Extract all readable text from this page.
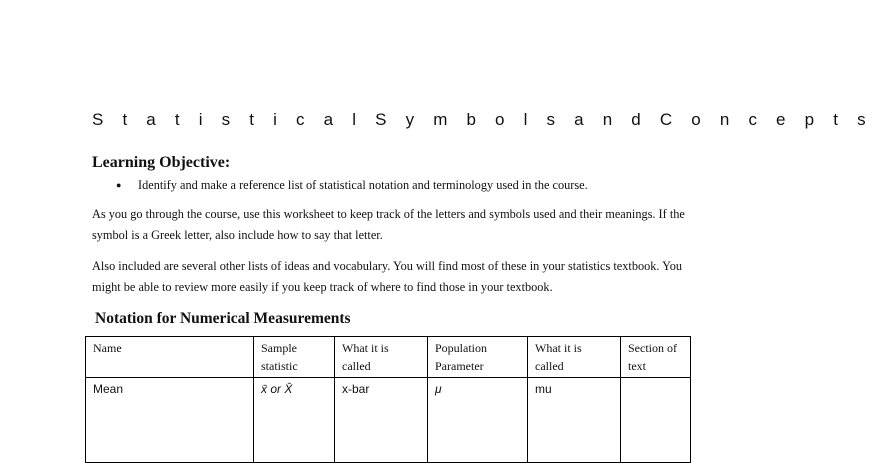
S t a t i s t i c a l S y m b o l s a n d C o n c e p t s
Learning Objective:
● Identify and make a reference list of statistical notation and terminology used in the course.
As you go through the course, use this worksheet to keep track of the letters and symbols used and their meanings. If the symbol is a Greek letter, also include how to say that letter.
Also included are several other lists of ideas and vocabulary. You will find most of these in your statistics textbook. You might be able to review more easily if you keep track of where to find those in your textbook.
Notation for Numerical Measurements
Name	Sample statistic	What it is called	Population Parameter	What it is called	Section of text
Mean	x̄ or X̄	x-bar	μ	mu	
